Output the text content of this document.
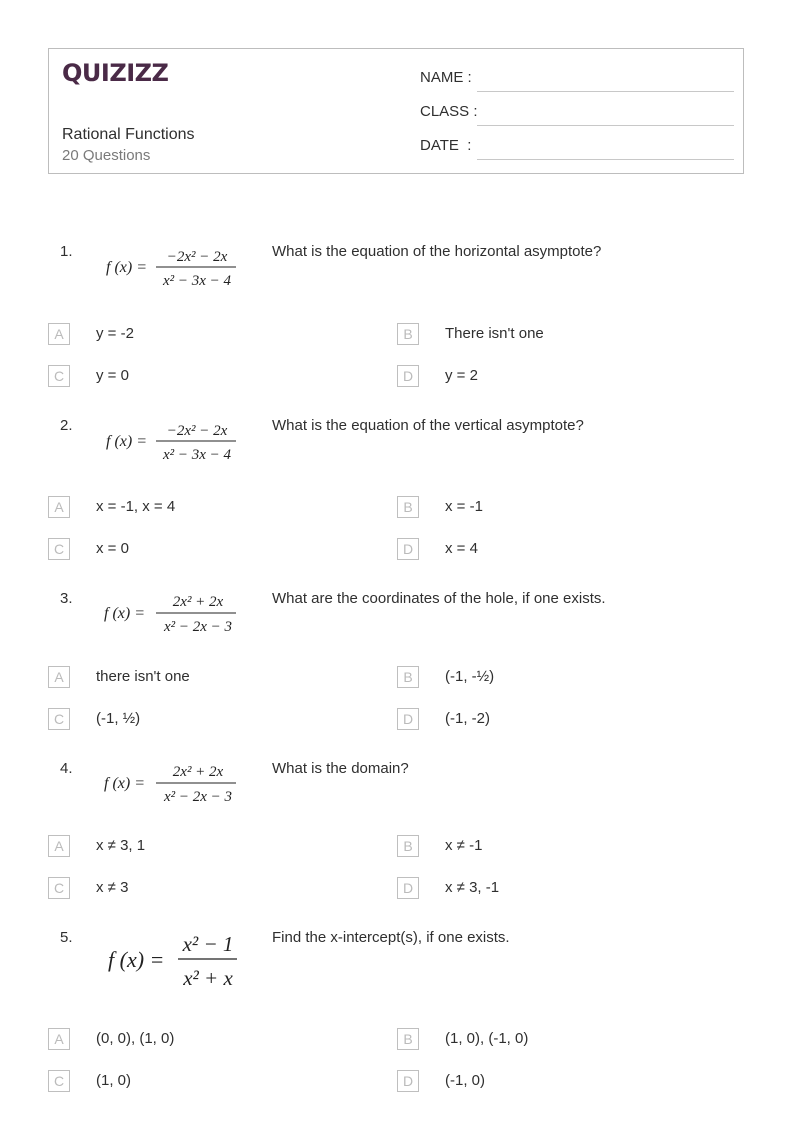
QUIZIZZ
Rational Functions
20 Questions
NAME :
CLASS :
DATE  :
1.
f (x) =
−2x² − 2x
x² − 3x − 4
What is the equation of the horizontal asymptote?
A	y = -2	B	There isn't one
C	y = 0	D	y = 2
2.
f (x) =
−2x² − 2x
x² − 3x − 4
What is the equation of the vertical asymptote?
A	x = -1, x = 4	B	x = -1
C	x = 0	D	x = 4
3.
f (x) =
2x² + 2x
x² − 2x − 3
What are the coordinates of the hole, if one exists.
A	there isn't one	B	(-1, -½)
C	(-1, ½)	D	(-1, -2)
4.
f (x) =
2x² + 2x
x² − 2x − 3
What is the domain?
A	x ≠ 3, 1	B	x ≠ -1
C	x ≠ 3	D	x ≠ 3, -1
5.
f (x) =
x² − 1
x² + x
Find the x-intercept(s), if one exists.
A	(0, 0), (1, 0)	B	(1, 0), (-1, 0)
C	(1, 0)	D	(-1, 0)
